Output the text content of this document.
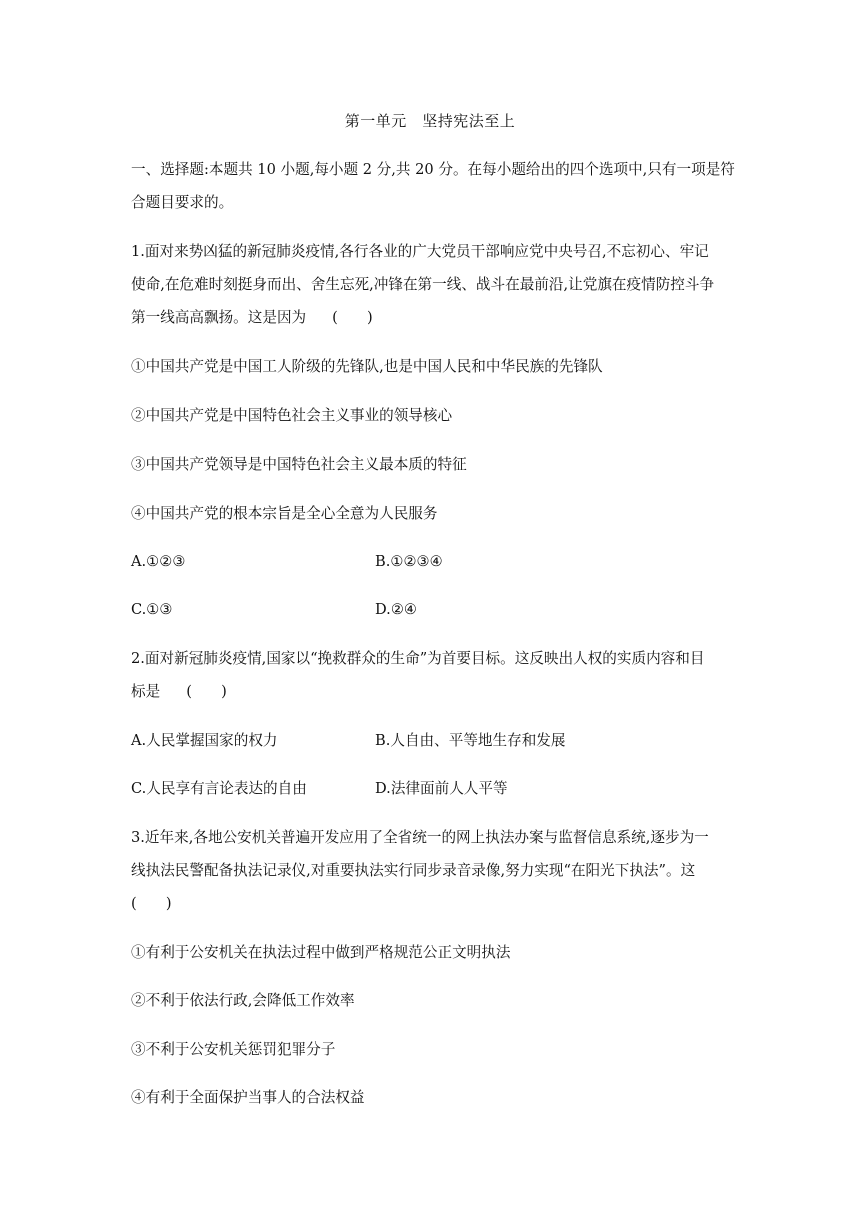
第一单元　坚持宪法至上
一、选择题:本题共 10 小题,每小题 2 分,共 20 分。在每小题给出的四个选项中,只有一项是符
合题目要求的。
1.面对来势凶猛的新冠肺炎疫情,各行各业的广大党员干部响应党中央号召,不忘初心、牢记
使命,在危难时刻挺身而出、舍生忘死,冲锋在第一线、战斗在最前沿,让党旗在疫情防控斗争
第一线高高飘扬。这是因为 (　　)
①中国共产党是中国工人阶级的先锋队,也是中国人民和中华民族的先锋队
②中国共产党是中国特色社会主义事业的领导核心
③中国共产党领导是中国特色社会主义最本质的特征
④中国共产党的根本宗旨是全心全意为人民服务
A.①②③	B.①②③④
C.①③	D.②④
2.面对新冠肺炎疫情,国家以“挽救群众的生命”为首要目标。这反映出人权的实质内容和目
标是 (　　)
A.人民掌握国家的权力	B.人自由、平等地生存和发展
C.人民享有言论表达的自由	D.法律面前人人平等
3.近年来,各地公安机关普遍开发应用了全省统一的网上执法办案与监督信息系统,逐步为一
线执法民警配备执法记录仪,对重要执法实行同步录音录像,努力实现“在阳光下执法”。这
(　　)
①有利于公安机关在执法过程中做到严格规范公正文明执法
②不利于依法行政,会降低工作效率
③不利于公安机关惩罚犯罪分子
④有利于全面保护当事人的合法权益
